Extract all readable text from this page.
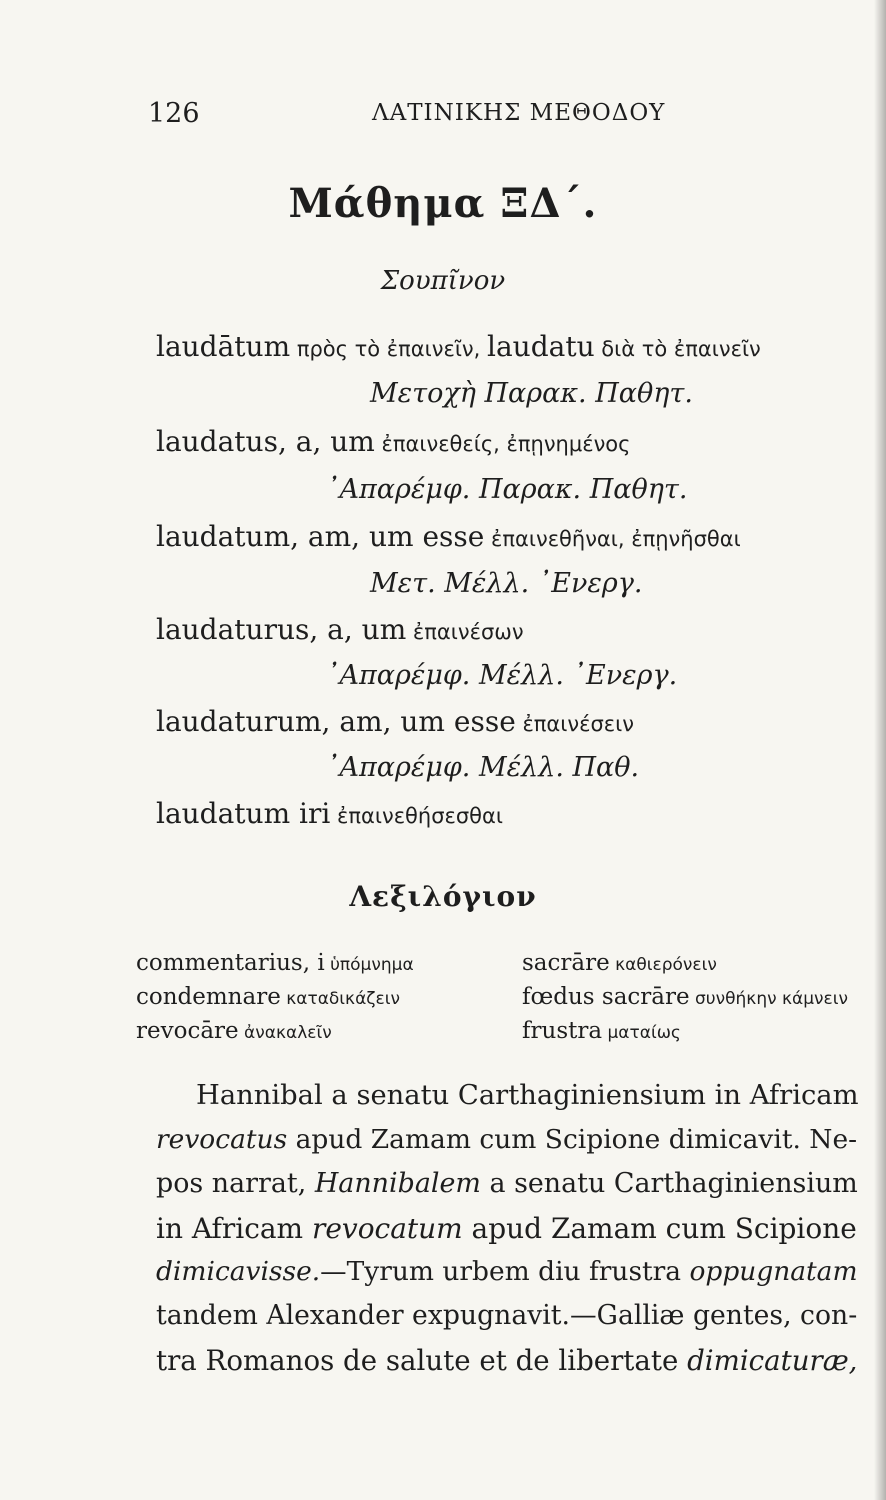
126	ΛΑΤΙΝΙΚΗΣ ΜΕΘΟΔΟΥ
Μάθημα ΞΔ΄.
Σουπῖνον
laudātum πρὸς τὸ ἐπαινεῖν, laudatu διὰ τὸ ἐπαινεῖν
Μετοχὴ Παρακ. Παθητ.
laudatus, a, um ἐπαινεθείς, ἐπῃνημένος
᾿Απαρέμφ. Παρακ. Παθητ.
laudatum, am, um esse ἐπαινεθῆναι, ἐπῃνῆσθαι
Μετ. Μέλλ. ᾿Ενεργ.
laudaturus, a, um ἐπαινέσων
᾿Απαρέμφ. Μέλλ. ᾿Ενεργ.
laudaturum, am, um esse ἐπαινέσειν
᾿Απαρέμφ. Μέλλ. Παθ.
laudatum iri ἐπαινεθήσεσθαι
Λεξιλόγιον
commentarius, i ὑπόμνημα
condemnare καταδικάζειν
revocāre ἀνακαλεῖν
sacrāre καθιερόνειν
fœdus sacrāre συνθήκην κάμνειν
frustra ματαίως
Hannibal a senatu Carthaginiensium in Africam
revocatus apud Zamam cum Scipione dimicavit. Ne-
pos narrat, Hannibalem a senatu Carthaginiensium
in Africam revocatum apud Zamam cum Scipione
dimicavisse.—Tyrum urbem diu frustra oppugnatam
tandem Alexander expugnavit.—Galliæ gentes, con-
tra Romanos de salute et de libertate dimicaturæ,
